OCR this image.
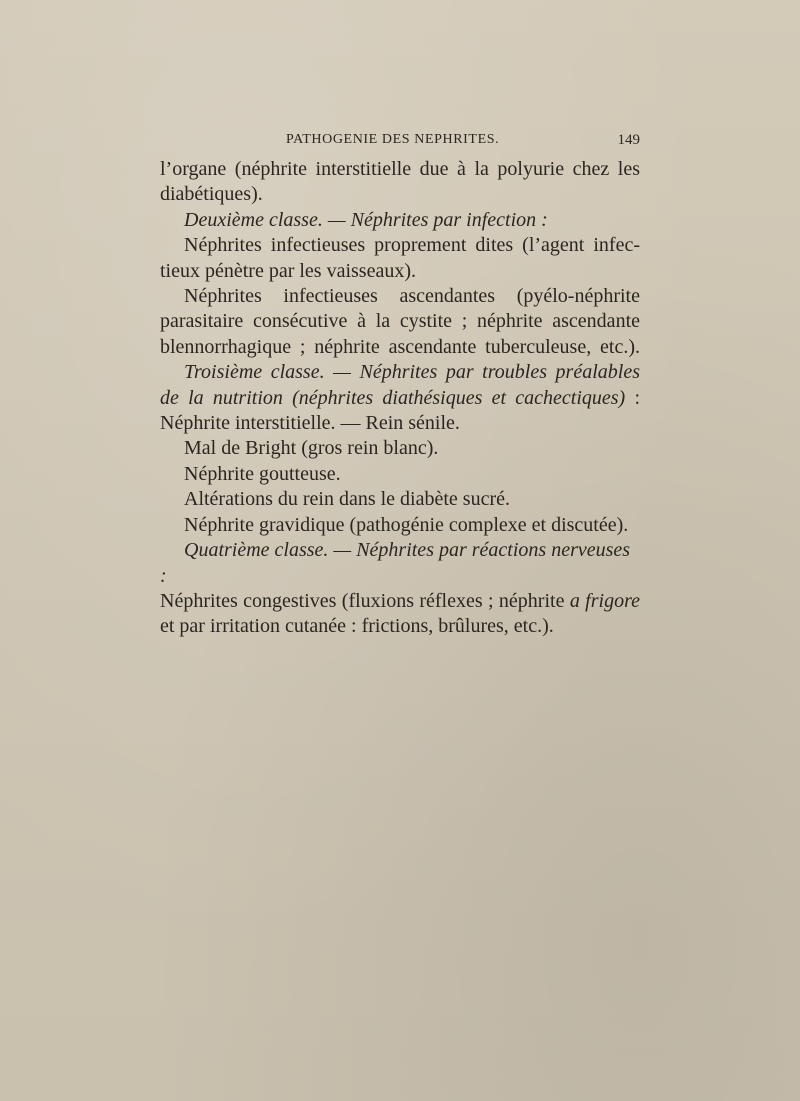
PATHOGENIE DES NEPHRITES.	149

l’organe (néphrite interstitielle due à la polyurie chez les

diabétiques).

Deuxième classe. — Néphrites par infection :

Néphrites infectieuses proprement dites (l’agent infec-

tieux pénètre par les vaisseaux).

Néphrites infectieuses ascendantes (pyélo-néphrite

parasitaire consécutive à la cystite ; néphrite ascendante

blennorrhagique ; néphrite ascendante tuberculeuse, etc.).

Troisième classe. — Néphrites par troubles préalables

de la nutrition (néphrites diathésiques et cachectiques) :

Néphrite interstitielle. — Rein sénile.

Mal de Bright (gros rein blanc).

Néphrite goutteuse.

Altérations du rein dans le diabète sucré.

Néphrite gravidique (pathogénie complexe et discutée).

Quatrième classe. — Néphrites par réactions nerveuses :

Néphrites congestives (fluxions réflexes ; néphrite a frigore

et par irritation cutanée : frictions, brûlures, etc.).
